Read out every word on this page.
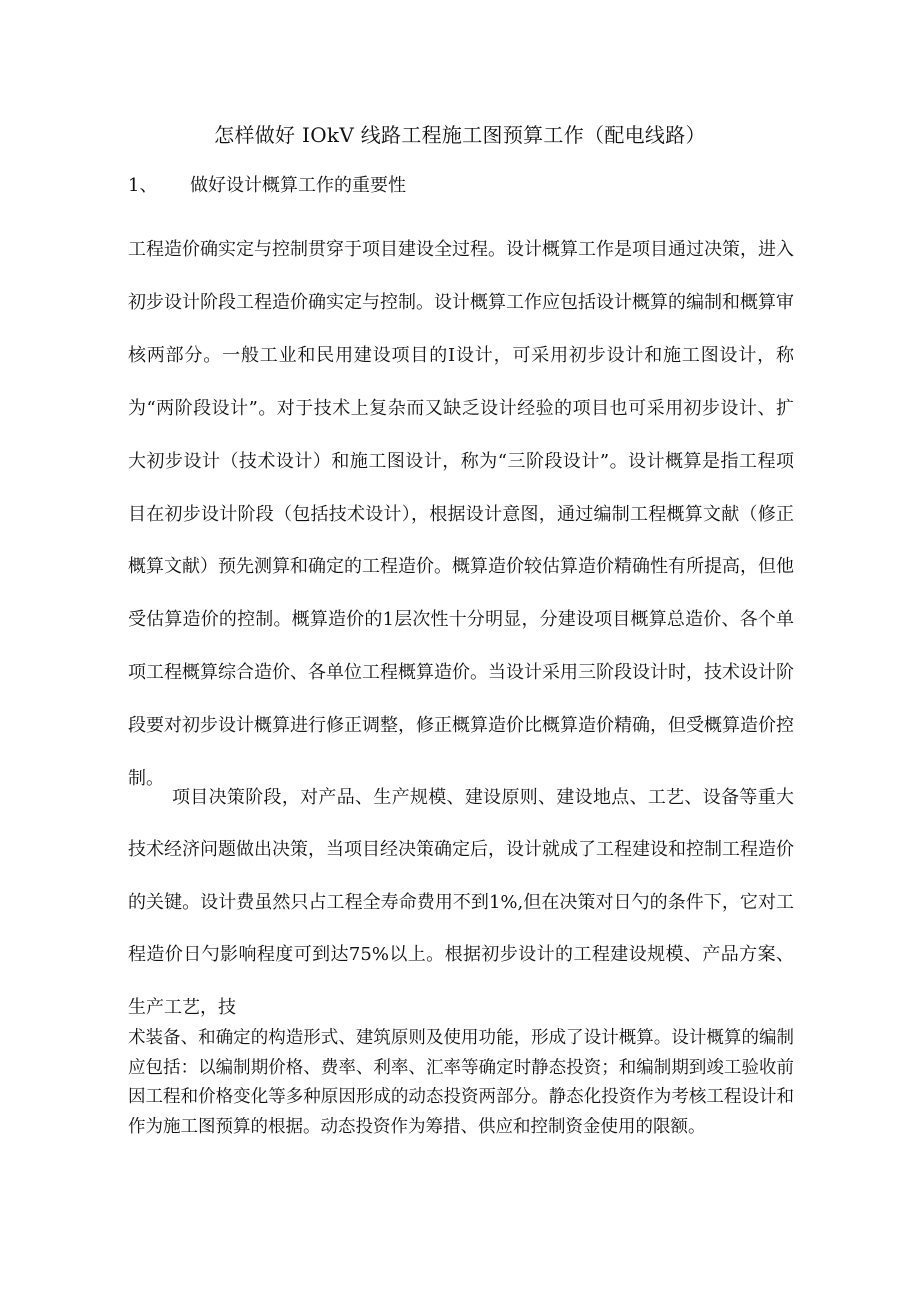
怎样做好 IOkV 线路工程施工图预算工作（配电线路）
1、 做好设计概算工作的重要性

工程造价确实定与控制贯穿于项目建设全过程。设计概算工作是项目通过决策，进入初步设计阶段工程造价确实定与控制。设计概算工作应包括设计概算的编制和概算审核两部分。一般工业和民用建设项目的Ⅰ设计，可采用初步设计和施工图设计，称为“两阶段设计”。对于技术上复杂而又缺乏设计经验的项目也可采用初步设计、扩大初步设计（技术设计）和施工图设计，称为“三阶段设计”。设计概算是指工程项目在初步设计阶段（包括技术设计），根据设计意图，通过编制工程概算文献（修正概算文献）预先测算和确定的工程造价。概算造价较估算造价精确性有所提高，但他受估算造价的控制。概算造价的1层次性十分明显，分建设项目概算总造价、各个单项工程概算综合造价、各单位工程概算造价。当设计采用三阶段设计时，技术设计阶段要对初步设计概算进行修正调整，修正概算造价比概算造价精确，但受概算造价控制。

项目决策阶段，对产品、生产规模、建设原则、建设地点、工艺、设备等重大技术经济问题做出决策，当项目经决策确定后，设计就成了工程建设和控制工程造价的关键。设计费虽然只占工程全寿命费用不到1%,但在决策对日勺的条件下，它对工程造价日勺影响程度可到达75%以上。根据初步设计的工程建设规模、产品方案、生产工艺，技

术装备、和确定的构造形式、建筑原则及使用功能，形成了设计概算。设计概算的编制应包括：以编制期价格、费率、利率、汇率等确定时静态投资；和编制期到竣工验收前因工程和价格变化等多种原因形成的动态投资两部分。静态化投资作为考核工程设计和作为施工图预算的根据。动态投资作为筹措、供应和控制资金使用的限额。
